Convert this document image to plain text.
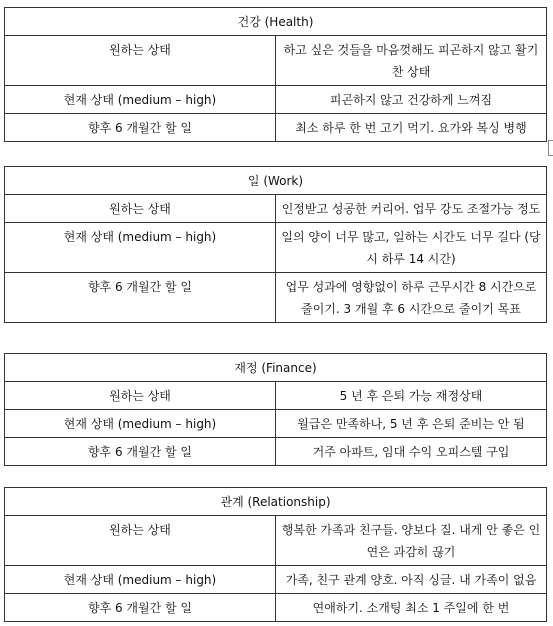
건강 (Health)	
원하는 상태	하고 싶은 것들을 마음껏해도 피곤하지 않고 활기찬 상태
현재 상태 (medium – high)	피곤하지 않고 건강하게 느껴짐
향후 6 개월간 할 일	최소 하루 한 번 고기 먹기. 요가와 복싱 병행
일 (Work)	
원하는 상태	인정받고 성공한 커리어. 업무 강도 조절가능 정도
현재 상태 (medium – high)	일의 양이 너무 많고, 일하는 시간도 너무 길다 (당시 하루 14 시간)
향후 6 개월간 할 일	업무 성과에 영향없이 하루 근무시간 8 시간으로 줄이기. 3 개월 후 6 시간으로 줄이기 목표
재정 (Finance)	
원하는 상태	5 년 후 은퇴 가능 재정상태
현재 상태 (medium – high)	월급은 만족하나, 5 년 후 은퇴 준비는 안 됨
향후 6 개월간 할 일	거주 아파트, 임대 수익 오피스텔 구입
관계 (Relationship)	
원하는 상태	행복한 가족과 친구들. 양보다 질. 내게 안 좋은 인연은 과감히 끊기
현재 상태 (medium – high)	가족, 친구 관계 양호. 아직 싱글. 내 가족이 없음
향후 6 개월간 할 일	연애하기. 소개팅 최소 1 주일에 한 번
